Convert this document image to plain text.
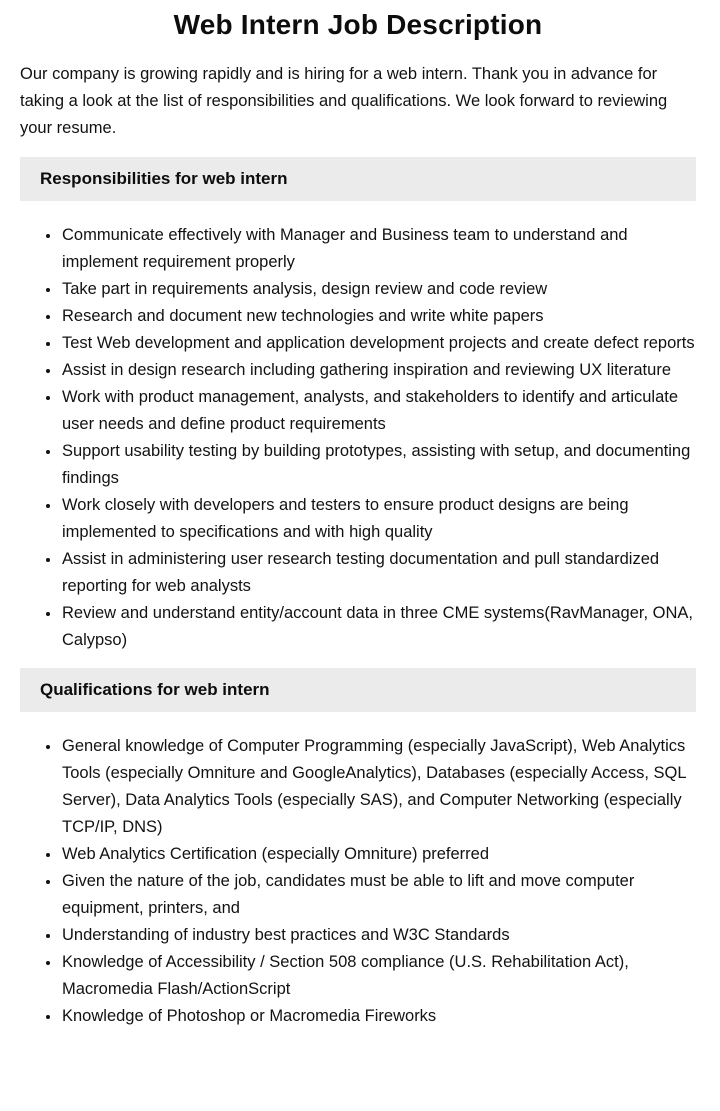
Web Intern Job Description

Our company is growing rapidly and is hiring for a web intern. Thank you in advance for taking a look at the list of responsibilities and qualifications. We look forward to reviewing your resume.

Responsibilities for web intern
• Communicate effectively with Manager and Business team to understand and implement requirement properly
• Take part in requirements analysis, design review and code review
• Research and document new technologies and write white papers
• Test Web development and application development projects and create defect reports
• Assist in design research including gathering inspiration and reviewing UX literature
• Work with product management, analysts, and stakeholders to identify and articulate user needs and define product requirements
• Support usability testing by building prototypes, assisting with setup, and documenting findings
• Work closely with developers and testers to ensure product designs are being implemented to specifications and with high quality
• Assist in administering user research testing documentation and pull standardized reporting for web analysts
• Review and understand entity/account data in three CME systems(RavManager, ONA, Calypso)
Qualifications for web intern
• General knowledge of Computer Programming (especially JavaScript), Web Analytics Tools (especially Omniture and GoogleAnalytics), Databases (especially Access, SQL Server), Data Analytics Tools (especially SAS), and Computer Networking (especially TCP/IP, DNS)
• Web Analytics Certification (especially Omniture) preferred
• Given the nature of the job, candidates must be able to lift and move computer equipment, printers, and
• Understanding of industry best practices and W3C Standards
• Knowledge of Accessibility / Section 508 compliance (U.S. Rehabilitation Act), Macromedia Flash/ActionScript
• Knowledge of Photoshop or Macromedia Fireworks
